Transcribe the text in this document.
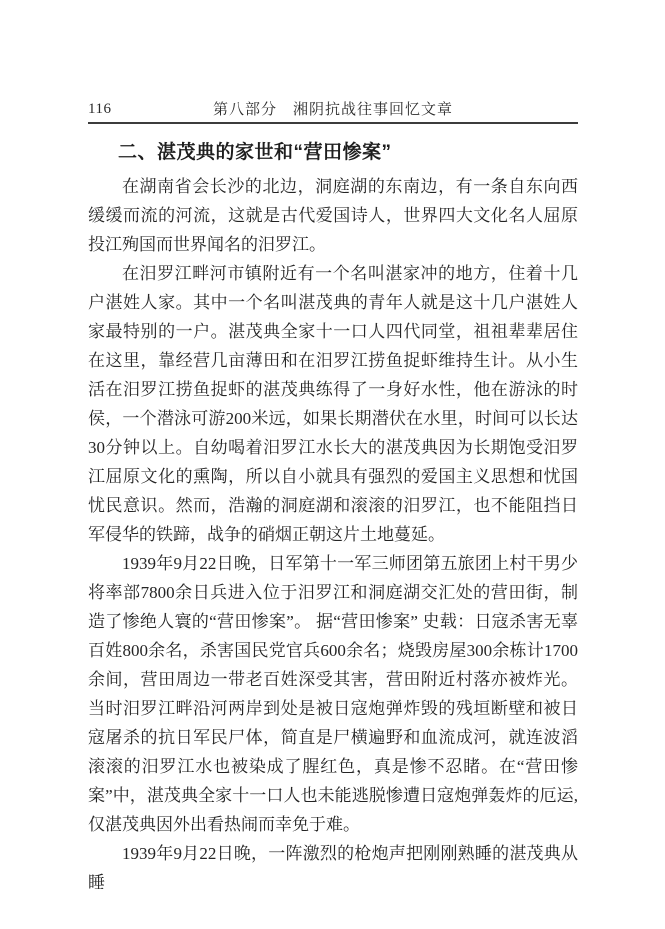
116	第八部分　湘阴抗战往事回忆文章
二、湛茂典的家世和“营田惨案”

在湖南省会长沙的北边，洞庭湖的东南边，有一条自东向西缓缓而流的河流，这就是古代爱国诗人，世界四大文化名人屈原投江殉国而世界闻名的汨罗江。

在汨罗江畔河市镇附近有一个名叫湛家冲的地方，住着十几户湛姓人家。其中一个名叫湛茂典的青年人就是这十几户湛姓人家最特别的一户。湛茂典全家十一口人四代同堂，祖祖辈辈居住在这里，靠经营几亩薄田和在汨罗江捞鱼捉虾维持生计。从小生活在汨罗江捞鱼捉虾的湛茂典练得了一身好水性，他在游泳的时侯，一个潜泳可游200米远，如果长期潜伏在水里，时间可以长达30分钟以上。自幼喝着汨罗江水长大的湛茂典因为长期饱受汨罗江屈原文化的熏陶，所以自小就具有强烈的爱国主义思想和忧国忧民意识。然而，浩瀚的洞庭湖和滚滚的汨罗江，也不能阻挡日军侵华的铁蹄，战争的硝烟正朝这片土地蔓延。

1939年9月22日晚，日军第十一军三师团第五旅团上村干男少将率部7800余日兵进入位于汨罗江和洞庭湖交汇处的营田街，制造了惨绝人寰的“营田惨案”。 据“营田惨案” 史载：日寇杀害无辜百姓800余名，杀害国民党官兵600余名；烧毁房屋300余栋计1700余间，营田周边一带老百姓深受其害，营田附近村落亦被炸光。当时汨罗江畔沿河两岸到处是被日寇炮弹炸毁的残垣断壁和被日寇屠杀的抗日军民尸体，简直是尸横遍野和血流成河，就连波滔滚滚的汨罗江水也被染成了腥红色，真是惨不忍睹。在“营田惨案”中，湛茂典全家十一口人也未能逃脱惨遭日寇炮弹轰炸的厄运,仅湛茂典因外出看热闹而幸免于难。

1939年9月22日晚，一阵激烈的枪炮声把刚刚熟睡的湛茂典从睡
